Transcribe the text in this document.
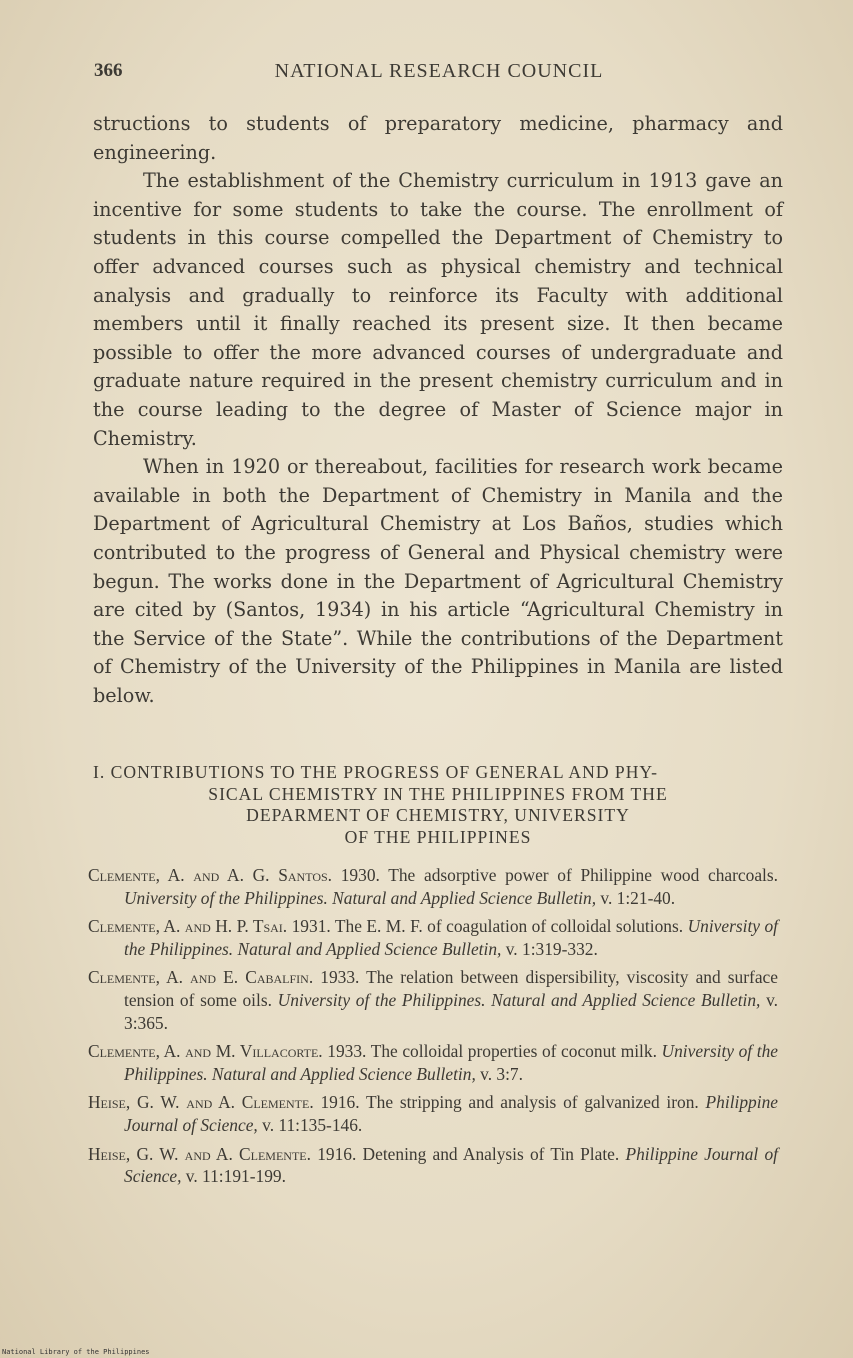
366	NATIONAL RESEARCH COUNCIL

structions to students of preparatory medicine, pharmacy and engineering.

The establishment of the Chemistry curriculum in 1913 gave an incentive for some students to take the course. The enrollment of students in this course compelled the Department of Chemistry to offer advanced courses such as physical chemistry and technical analysis and gradually to reinforce its Faculty with additional members until it finally reached its present size. It then became possible to offer the more advanced courses of undergraduate and graduate nature required in the present chemistry curriculum and in the course leading to the degree of Master of Science major in Chemistry.

When in 1920 or thereabout, facilities for research work became available in both the Department of Chemistry in Manila and the Department of Agricultural Chemistry at Los Baños, studies which contributed to the progress of General and Physical chemistry were begun. The works done in the Department of Agricultural Chemistry are cited by (Santos, 1934) in his article “Agricultural Chemistry in the Service of the State”. While the contributions of the Department of Chemistry of the University of the Philippines in Manila are listed below.

I. CONTRIBUTIONS TO THE PROGRESS OF GENERAL AND PHY-
SICAL CHEMISTRY IN THE PHILIPPINES FROM THE
DEPARMENT OF CHEMISTRY, UNIVERSITY
OF THE PHILIPPINES
Clemente, A. and A. G. Santos. 1930. The adsorptive power of Philippine wood charcoals. University of the Philippines. Natural and Applied Science Bulletin, v. 1:21-40.
Clemente, A. and H. P. Tsai. 1931. The E. M. F. of coagulation of colloidal solutions. University of the Philippines. Natural and Applied Science Bulletin, v. 1:319-332.
Clemente, A. and E. Cabalfin. 1933. The relation between dispersibility, viscosity and surface tension of some oils. University of the Philippines. Natural and Applied Science Bulletin, v. 3:365.
Clemente, A. and M. Villacorte. 1933. The colloidal properties of coconut milk. University of the Philippines. Natural and Applied Science Bulletin, v. 3:7.
Heise, G. W. and A. Clemente. 1916. The stripping and analysis of galvanized iron. Philippine Journal of Science, v. 11:135-146.
Heise, G. W. and A. Clemente. 1916. Detening and Analysis of Tin Plate. Philippine Journal of Science, v. 11:191-199.
National Library of the Philippines
